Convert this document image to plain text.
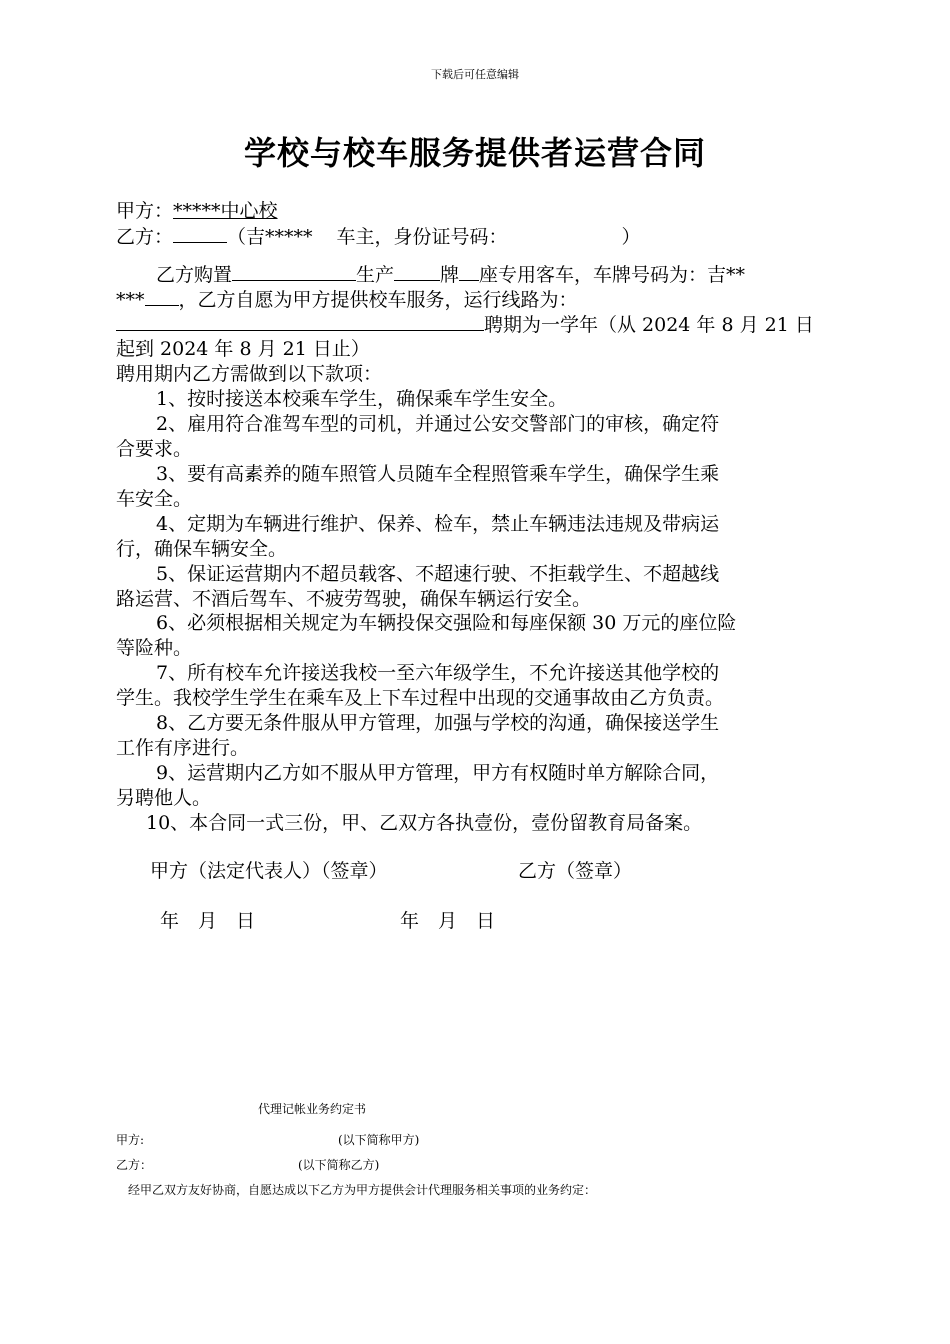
下载后可任意编辑
学校与校车服务提供者运营合同
甲方：*****中心校
乙方：	（吉***** 车主，身份证号码：	）
乙方购置	生产 牌 座专用客车，车牌号码为：吉**
*** ，乙方自愿为甲方提供校车服务，运行线路为：
聘期为一学年（从 2024 年 8 月 21 日
起到 2024 年 8 月 21 日止）
聘用期内乙方需做到以下款项：
1、按时接送本校乘车学生，确保乘车学生安全。
2、雇用符合准驾车型的司机，并通过公安交警部门的审核，确定符
合要求。
3、要有高素养的随车照管人员随车全程照管乘车学生，确保学生乘
车安全。
4、定期为车辆进行维护、保养、检车，禁止车辆违法违规及带病运
行，确保车辆安全。
5、保证运营期内不超员载客、不超速行驶、不拒载学生、不超越线
路运营、不酒后驾车、不疲劳驾驶，确保车辆运行安全。
6、必须根据相关规定为车辆投保交强险和每座保额 30 万元的座位险
等险种。
7、所有校车允许接送我校一至六年级学生，不允许接送其他学校的
学生。我校学生学生在乘车及上下车过程中出现的交通事故由乙方负责。
8、乙方要无条件服从甲方管理，加强与学校的沟通，确保接送学生
工作有序进行。
9、运营期内乙方如不服从甲方管理，甲方有权随时单方解除合同，
另聘他人。
10、本合同一式三份，甲、乙双方各执壹份，壹份留教育局备案。
甲方（法定代表人）（签章）	乙方（签章）
年　月　日	年　月　日
代理记帐业务约定书
甲方:	(以下简称甲方)
乙方：	(以下简称乙方)
经甲乙双方友好协商，自愿达成以下乙方为甲方提供会计代理服务相关事项的业务约定：
